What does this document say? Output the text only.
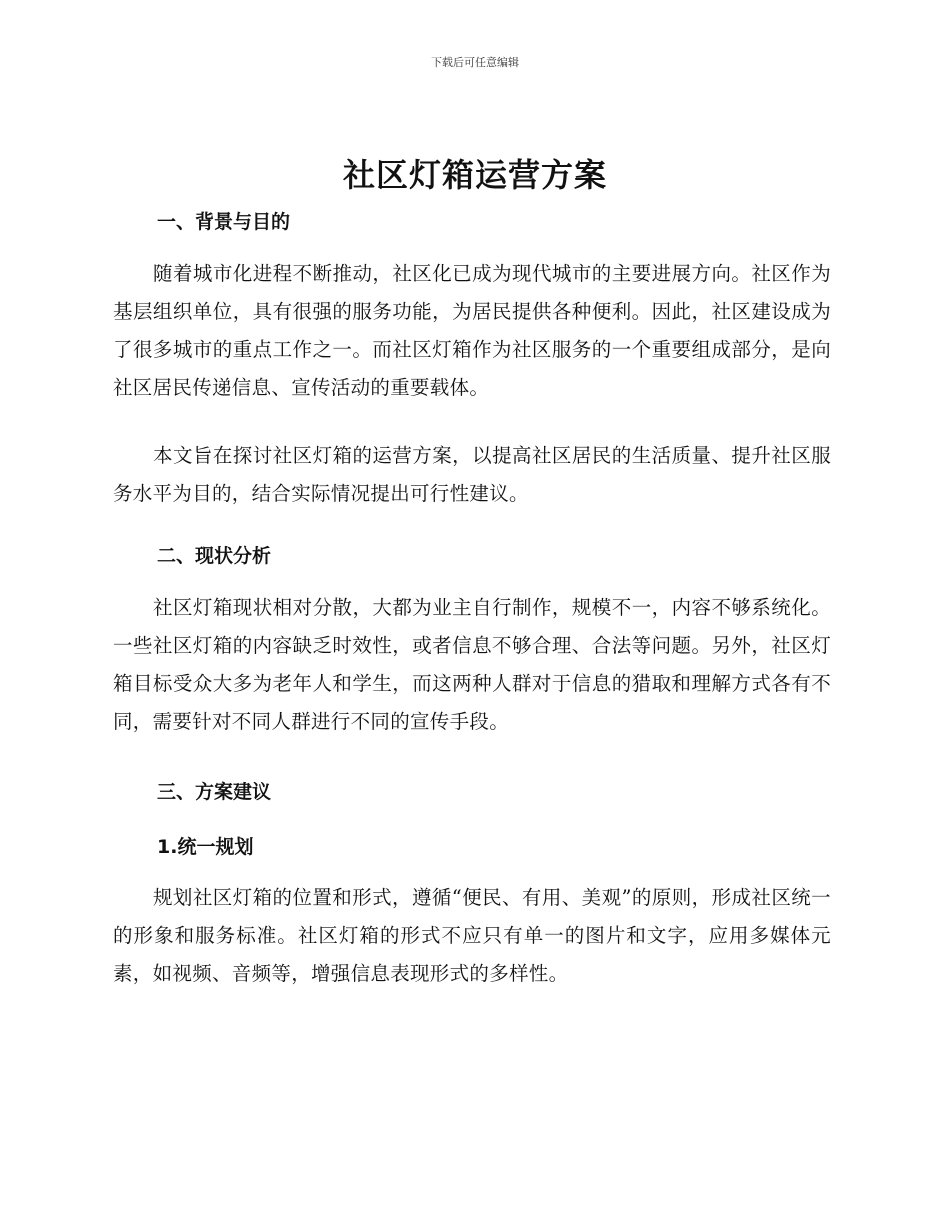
下载后可任意编辑
社区灯箱运营方案
一、背景与目的
随着城市化进程不断推动，社区化已成为现代城市的主要进展方向。社区作为基层组织单位，具有很强的服务功能，为居民提供各种便利。因此，社区建设成为了很多城市的重点工作之一。而社区灯箱作为社区服务的一个重要组成部分，是向社区居民传递信息、宣传活动的重要载体。
本文旨在探讨社区灯箱的运营方案，以提高社区居民的生活质量、提升社区服务水平为目的，结合实际情况提出可行性建议。
二、现状分析
社区灯箱现状相对分散，大都为业主自行制作，规模不一，内容不够系统化。一些社区灯箱的内容缺乏时效性，或者信息不够合理、合法等问题。另外，社区灯箱目标受众大多为老年人和学生，而这两种人群对于信息的猎取和理解方式各有不同，需要针对不同人群进行不同的宣传手段。
三、方案建议
1.统一规划
规划社区灯箱的位置和形式，遵循“便民、有用、美观”的原则，形成社区统一的形象和服务标准。社区灯箱的形式不应只有单一的图片和文字，应用多媒体元素，如视频、音频等，增强信息表现形式的多样性。
